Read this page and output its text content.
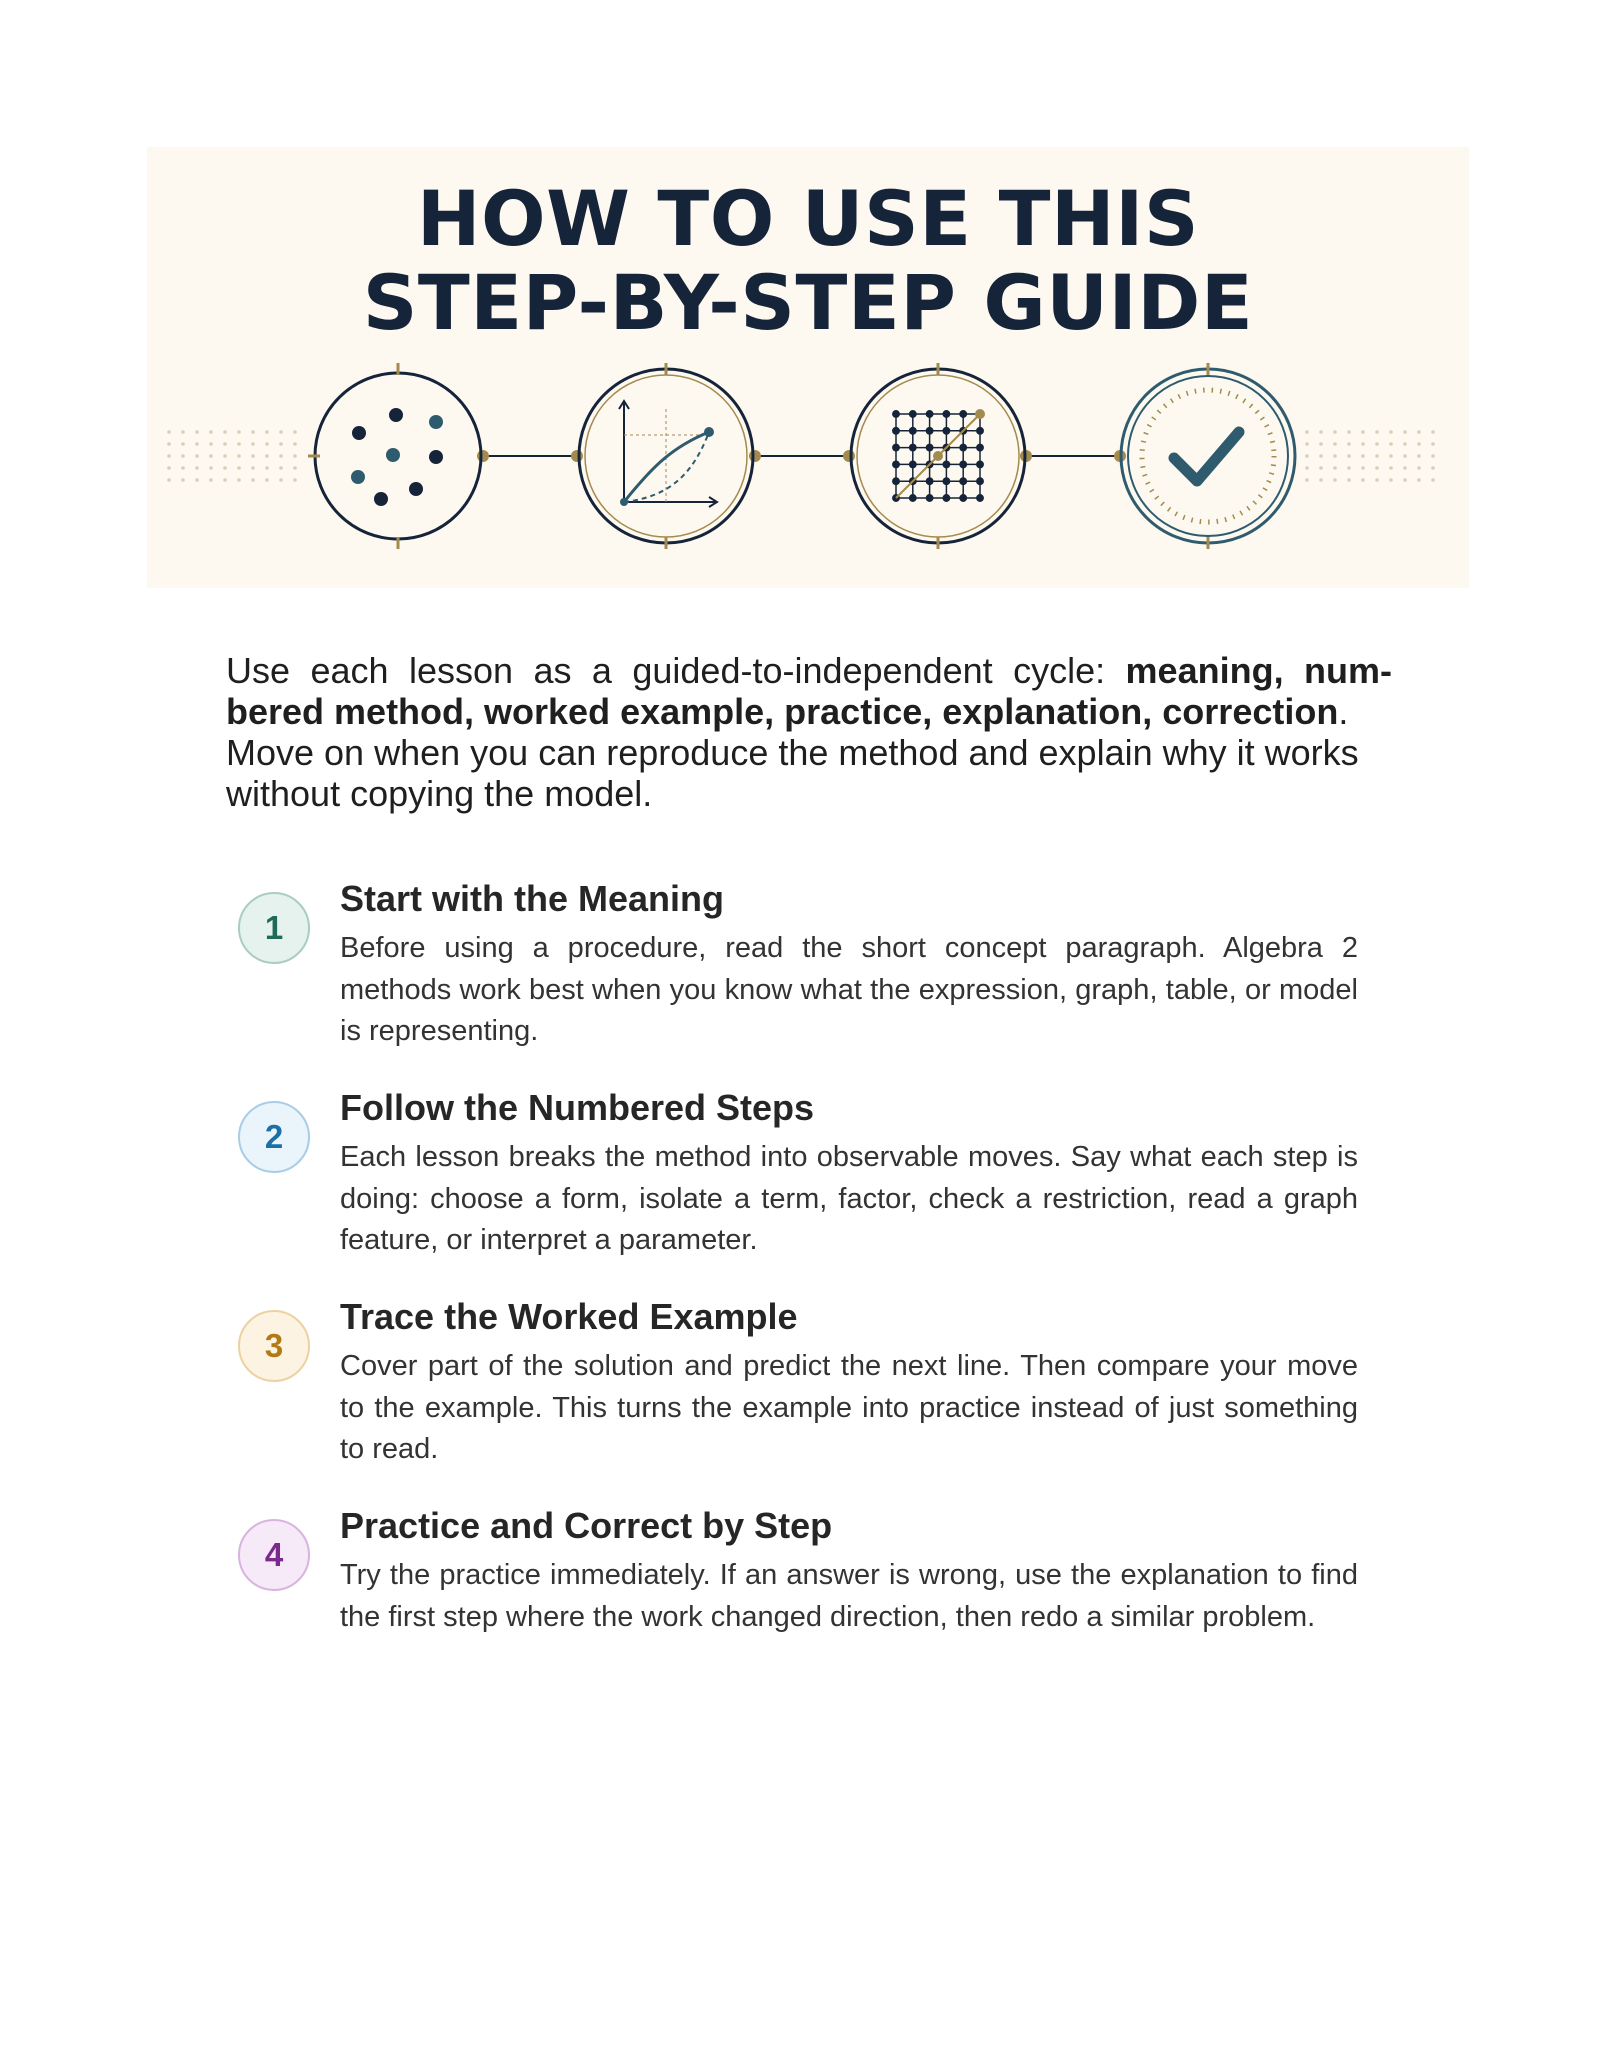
HOW TO USE THIS
STEP-BY-STEP GUIDE
Use each lesson as a guided-to-independent cycle: meaning, num-
bered method, worked example, practice, explanation, correction.
Move on when you can reproduce the method and explain why it works without copying the model.
1
Start with the Meaning
Before using a procedure, read the short concept paragraph. Algebra 2 methods work best when you know what the expression, graph, table, or model is representing.
2
Follow the Numbered Steps
Each lesson breaks the method into observable moves. Say what each step is doing: choose a form, isolate a term, factor, check a restriction, read a graph feature, or interpret a parameter.
3
Trace the Worked Example
Cover part of the solution and predict the next line. Then compare your move to the example. This turns the example into practice instead of just something to read.
4
Practice and Correct by Step
Try the practice immediately. If an answer is wrong, use the explanation to find the first step where the work changed direction, then redo a similar problem.
